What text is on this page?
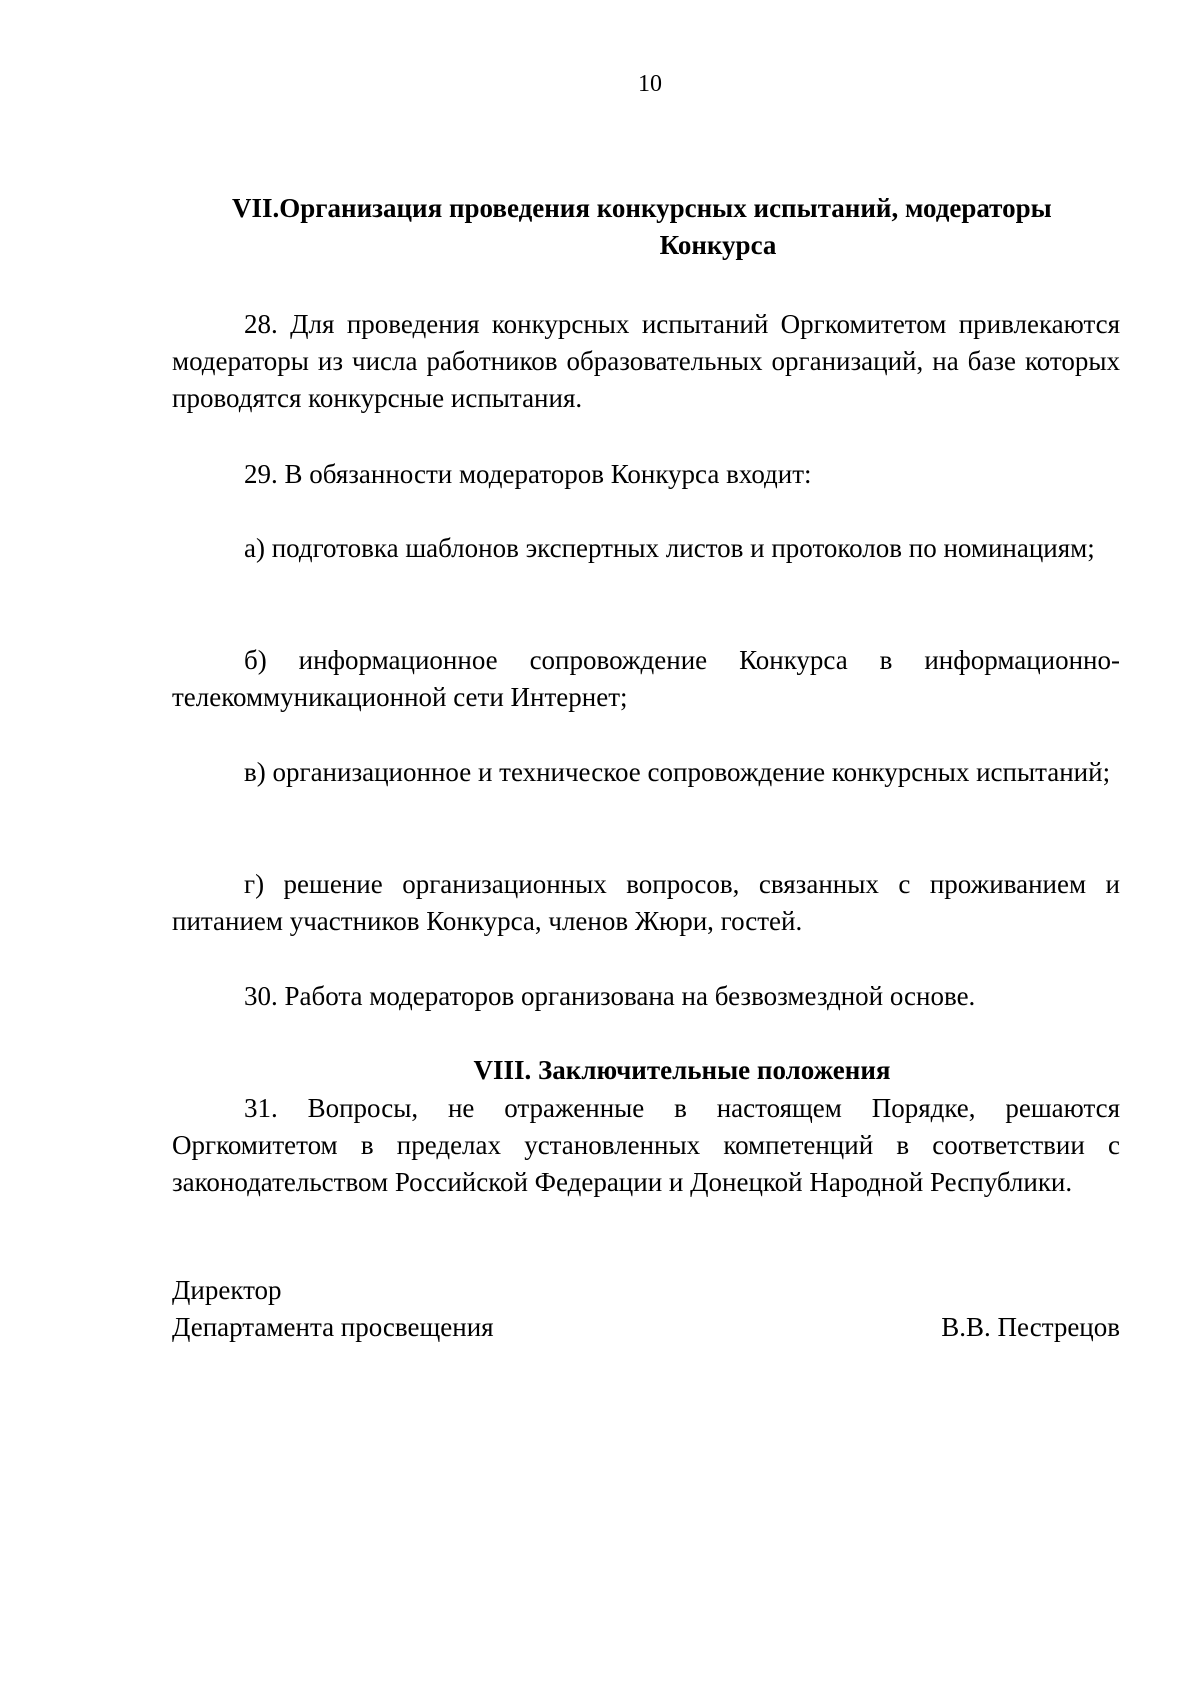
10
VII.Организация проведения конкурсных испытаний, модераторы
Конкурса
28. Для проведения конкурсных испытаний Оргкомитетом привлекаются модераторы из числа работников образовательных организаций, на базе которых проводятся конкурсные испытания.
29. В обязанности модераторов Конкурса входит:
а) подготовка шаблонов экспертных листов и протоколов по номинациям;
б) информационное сопровождение Конкурса в информационно-телекоммуникационной сети Интернет;
в) организационное и техническое сопровождение конкурсных испытаний;
г) решение организационных вопросов, связанных с проживанием и питанием участников Конкурса, членов Жюри, гостей.
30. Работа модераторов организована на безвозмездной основе.
VIII. Заключительные положения
31. Вопросы, не отраженные в настоящем Порядке, решаются Оргкомитетом в пределах установленных компетенций в соответствии с законодательством Российской Федерации и Донецкой Народной Республики.
Директор
Департамента просвещения	В.В. Пестрецов
